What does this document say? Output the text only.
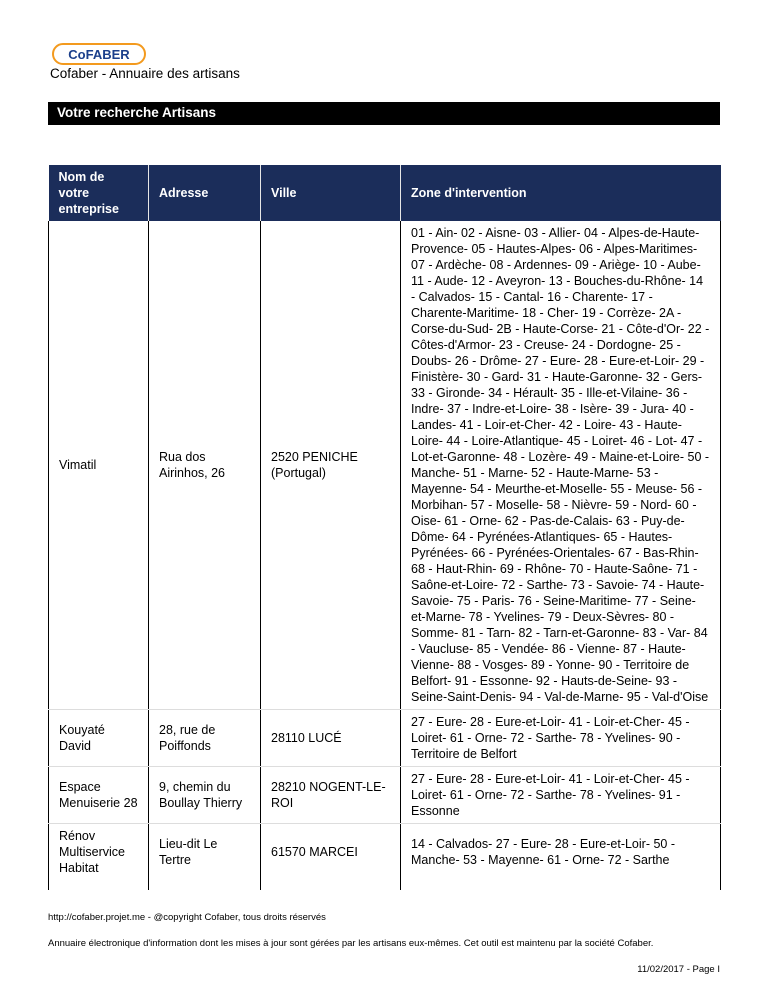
CoFABER
Cofaber - Annuaire des artisans
Votre recherche Artisans
Nom de votre entreprise	Adresse	Ville	Zone d'intervention
Vimatil	Rua dos Airinhos, 26	2520 PENICHE (Portugal)	01 - Ain- 02 - Aisne- 03 - Allier- 04 - Alpes-de-Haute-Provence- 05 - Hautes-Alpes- 06 - Alpes-Maritimes- 07 - Ardèche- 08 - Ardennes- 09 - Ariège- 10 - Aube- 11 - Aude- 12 - Aveyron- 13 - Bouches-du-Rhône- 14 - Calvados- 15 - Cantal- 16 - Charente- 17 - Charente-Maritime- 18 - Cher- 19 - Corrèze- 2A - Corse-du-Sud- 2B - Haute-Corse- 21 - Côte-d'Or- 22 - Côtes-d'Armor- 23 - Creuse- 24 - Dordogne- 25 - Doubs- 26 - Drôme- 27 - Eure- 28 - Eure-et-Loir- 29 - Finistère- 30 - Gard- 31 - Haute-Garonne- 32 - Gers- 33 - Gironde- 34 - Hérault- 35 - Ille-et-Vilaine- 36 - Indre- 37 - Indre-et-Loire- 38 - Isère- 39 - Jura- 40 - Landes- 41 - Loir-et-Cher- 42 - Loire- 43 - Haute-Loire- 44 - Loire-Atlantique- 45 - Loiret- 46 - Lot- 47 - Lot-et-Garonne- 48 - Lozère- 49 - Maine-et-Loire- 50 - Manche- 51 - Marne- 52 - Haute-Marne- 53 - Mayenne- 54 - Meurthe-et-Moselle- 55 - Meuse- 56 - Morbihan- 57 - Moselle- 58 - Nièvre- 59 - Nord- 60 - Oise- 61 - Orne- 62 - Pas-de-Calais- 63 - Puy-de-Dôme- 64 - Pyrénées-Atlantiques- 65 - Hautes-Pyrénées- 66 - Pyrénées-Orientales- 67 - Bas-Rhin- 68 - Haut-Rhin- 69 - Rhône- 70 - Haute-Saône- 71 - Saône-et-Loire- 72 - Sarthe- 73 - Savoie- 74 - Haute-Savoie- 75 - Paris- 76 - Seine-Maritime- 77 - Seine-et-Marne- 78 - Yvelines- 79 - Deux-Sèvres- 80 - Somme- 81 - Tarn- 82 - Tarn-et-Garonne- 83 - Var- 84 - Vaucluse- 85 - Vendée- 86 - Vienne- 87 - Haute-Vienne- 88 - Vosges- 89 - Yonne- 90 - Territoire de Belfort- 91 - Essonne- 92 - Hauts-de-Seine- 93 - Seine-Saint-Denis- 94 - Val-de-Marne- 95 - Val-d'Oise
Kouyaté David	28, rue de Poiffonds	28110 LUCÉ	27 - Eure- 28 - Eure-et-Loir- 41 - Loir-et-Cher- 45 - Loiret- 61 - Orne- 72 - Sarthe- 78 - Yvelines- 90 - Territoire de Belfort
Espace Menuiserie 28	9, chemin du Boullay Thierry	28210 NOGENT-LE-ROI	27 - Eure- 28 - Eure-et-Loir- 41 - Loir-et-Cher- 45 - Loiret- 61 - Orne- 72 - Sarthe- 78 - Yvelines- 91 - Essonne
Rénov Multiservice Habitat	Lieu-dit Le Tertre	61570 MARCEI	14 - Calvados- 27 - Eure- 28 - Eure-et-Loir- 50 - Manche- 53 - Mayenne- 61 - Orne- 72 - Sarthe
http://cofaber.projet.me - @copyright Cofaber, tous droits réservés
Annuaire électronique d'information dont les mises à jour sont gérées par les artisans eux-mêmes. Cet outil est maintenu par la société Cofaber.
11/02/2017 - Page I
